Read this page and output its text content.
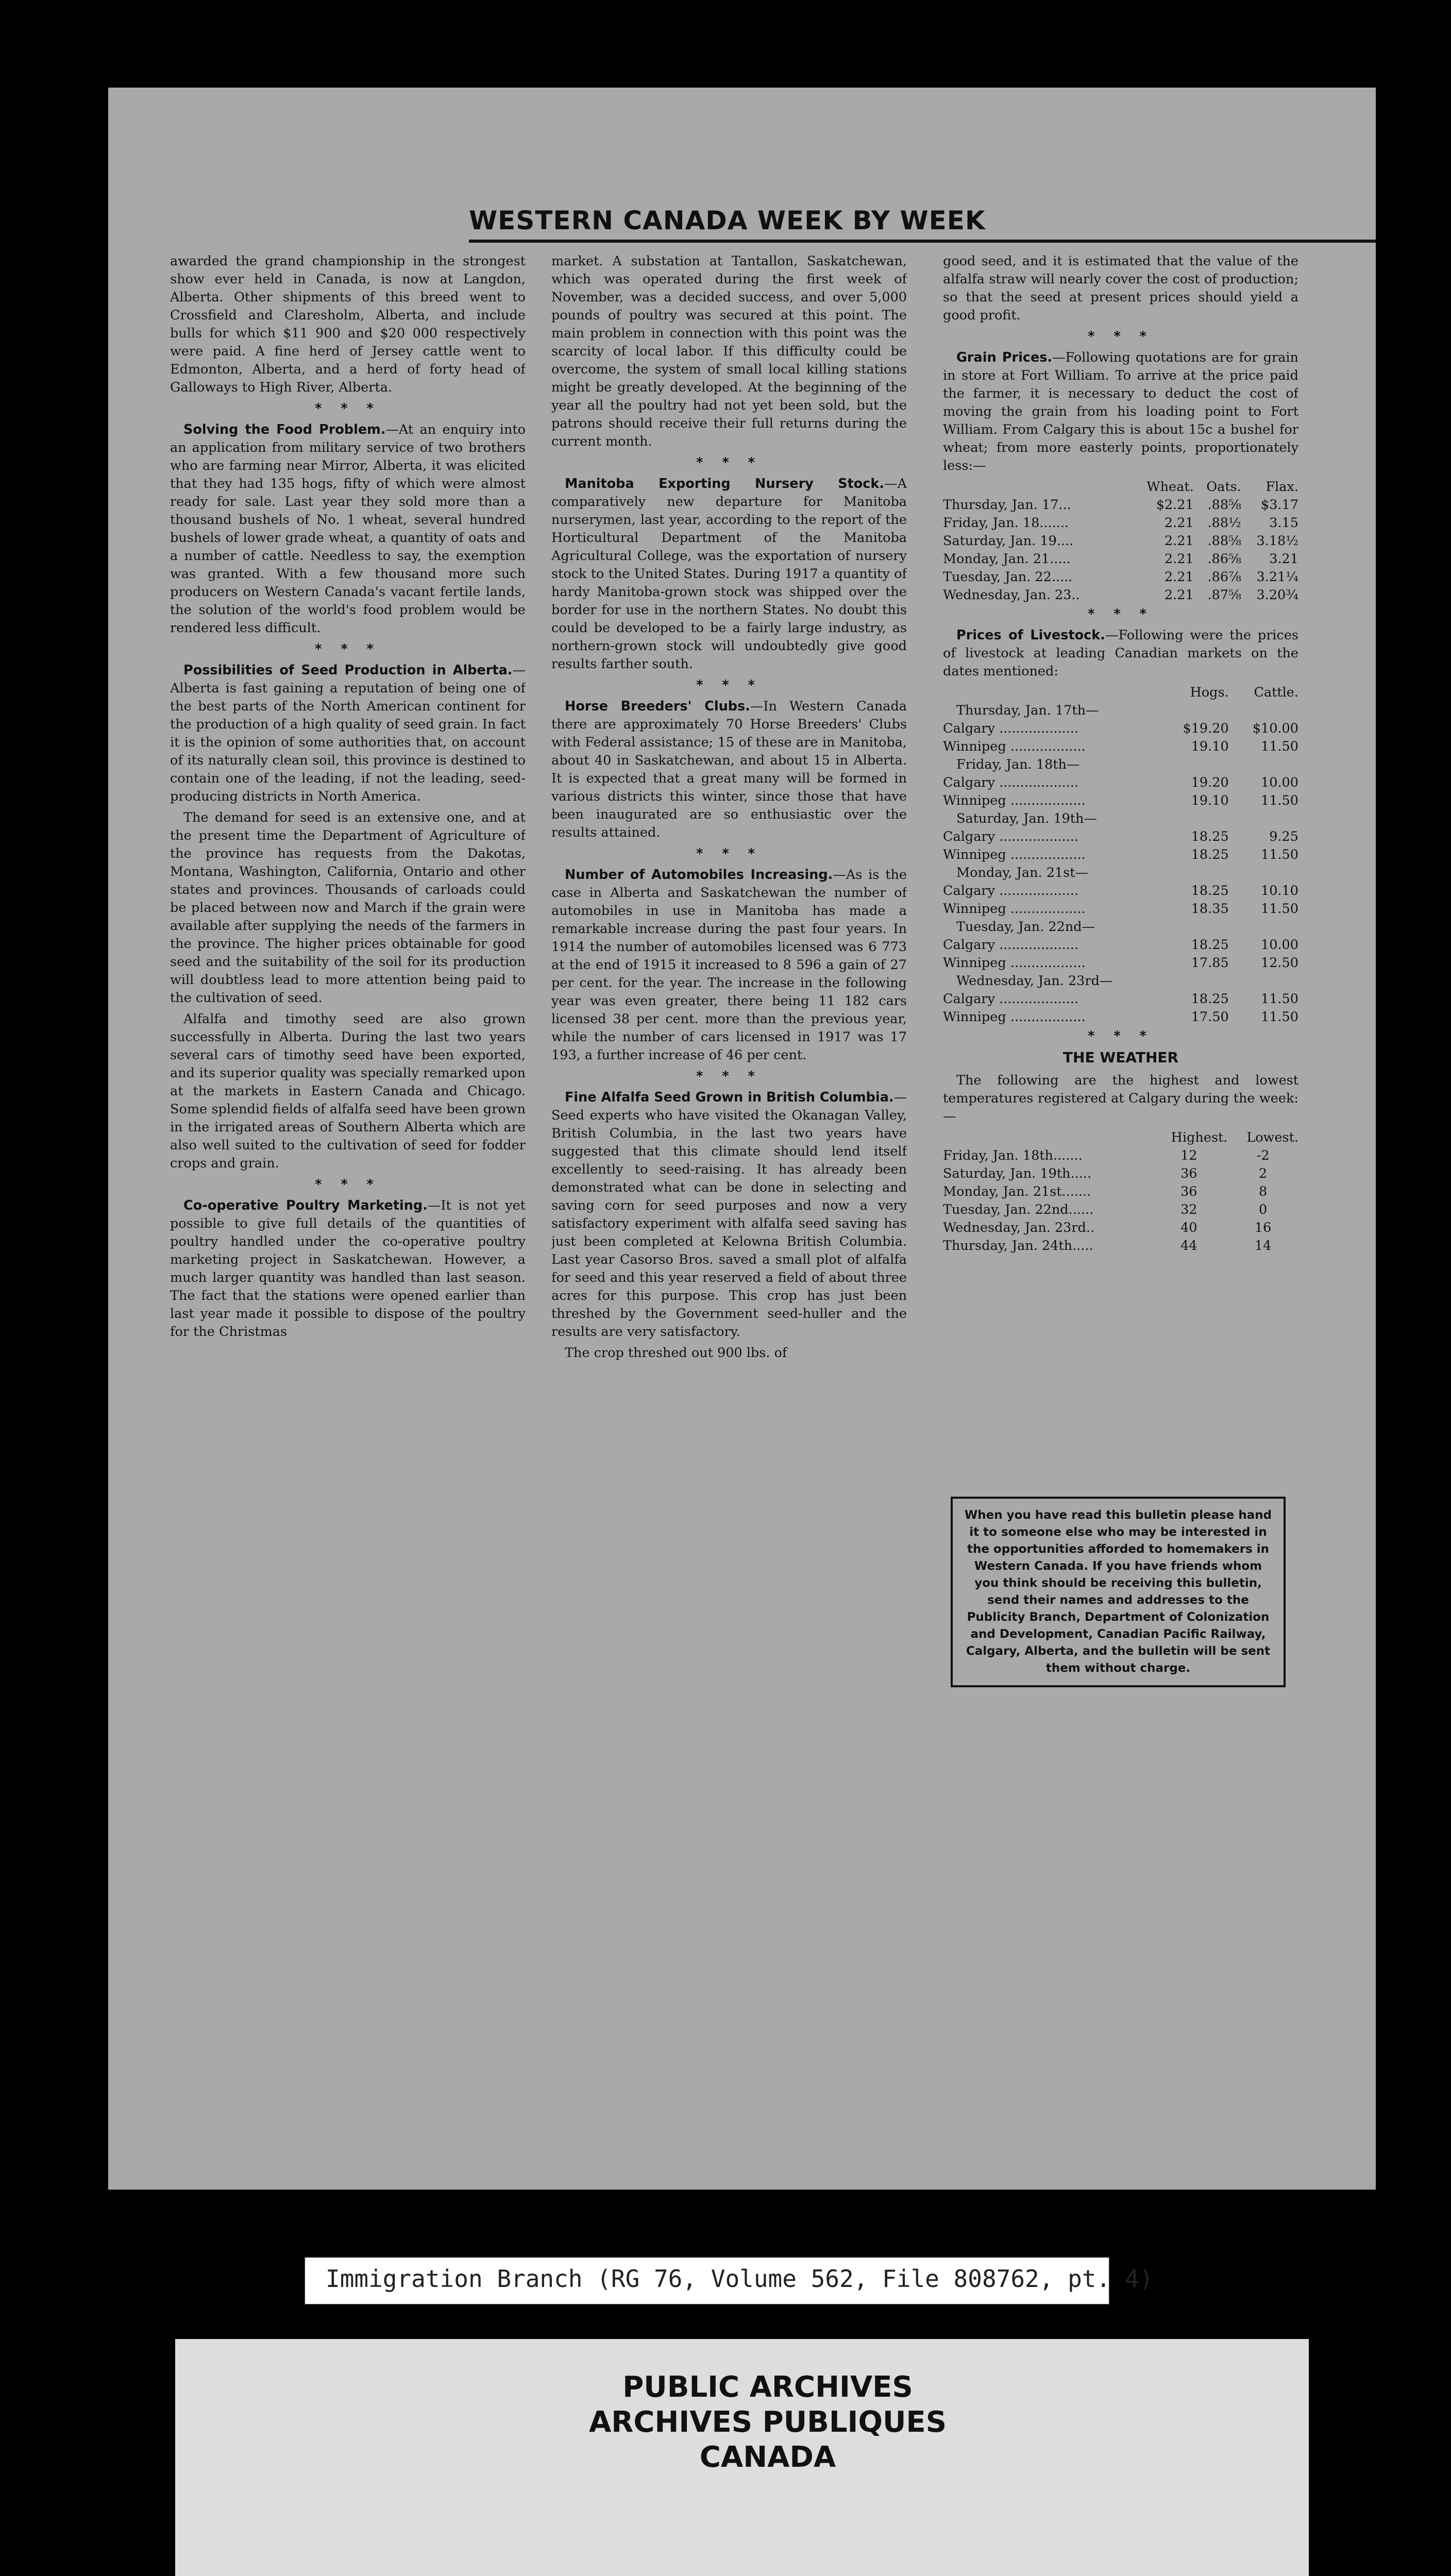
WESTERN CANADA WEEK BY WEEK

awarded the grand championship in the strongest show ever held in Canada, is now at Langdon, Alberta. Other shipments of this breed went to Crossfield and Claresholm, Alberta, and include bulls for which $11 900 and $20 000 respectively were paid. A fine herd of Jersey cattle went to Edmonton, Alberta, and a herd of forty head of Galloways to High River, Alberta.

* * *

Solving the Food Problem.—At an enquiry into an application from military service of two brothers who are farming near Mirror, Alberta, it was elicited that they had 135 hogs, fifty of which were almost ready for sale. Last year they sold more than a thousand bushels of No. 1 wheat, several hundred bushels of lower grade wheat, a quantity of oats and a number of cattle. Needless to say, the exemption was granted. With a few thousand more such producers on Western Canada's vacant fertile lands, the solution of the world's food problem would be rendered less difficult.

* * *

Possibilities of Seed Production in Alberta.—Alberta is fast gaining a reputation of being one of the best parts of the North American continent for the production of a high quality of seed grain. In fact it is the opinion of some authorities that, on account of its naturally clean soil, this province is destined to contain one of the leading, if not the leading, seed-producing districts in North America.

The demand for seed is an extensive one, and at the present time the Department of Agriculture of the province has requests from the Dakotas, Montana, Washington, California, Ontario and other states and provinces. Thousands of carloads could be placed between now and March if the grain were available after supplying the needs of the farmers in the province. The higher prices obtainable for good seed and the suitability of the soil for its production will doubtless lead to more attention being paid to the cultivation of seed.

Alfalfa and timothy seed are also grown successfully in Alberta. During the last two years several cars of timothy seed have been exported, and its superior quality was specially remarked upon at the markets in Eastern Canada and Chicago. Some splendid fields of alfalfa seed have been grown in the irrigated areas of Southern Alberta which are also well suited to the cultivation of seed for fodder crops and grain.

* * *

Co-operative Poultry Marketing.—It is not yet possible to give full details of the quantities of poultry handled under the co-operative poultry marketing project in Saskatchewan. However, a much larger quantity was handled than last season. The fact that the stations were opened earlier than last year made it possible to dispose of the poultry for the Christmas

market. A substation at Tantallon, Saskatchewan, which was operated during the first week of November, was a decided success, and over 5,000 pounds of poultry was secured at this point. The main problem in connection with this point was the scarcity of local labor. If this difficulty could be overcome, the system of small local killing stations might be greatly developed. At the beginning of the year all the poultry had not yet been sold, but the patrons should receive their full returns during the current month.

* * *

Manitoba Exporting Nursery Stock.—A comparatively new departure for Manitoba nurserymen, last year, according to the report of the Horticultural Department of the Manitoba Agricultural College, was the exportation of nursery stock to the United States. During 1917 a quantity of hardy Manitoba-grown stock was shipped over the border for use in the northern States. No doubt this could be developed to be a fairly large industry, as northern-grown stock will undoubtedly give good results farther south.

* * *

Horse Breeders' Clubs.—In Western Canada there are approximately 70 Horse Breeders' Clubs with Federal assistance; 15 of these are in Manitoba, about 40 in Saskatchewan, and about 15 in Alberta. It is expected that a great many will be formed in various districts this winter, since those that have been inaugurated are so enthusiastic over the results attained.

* * *

Number of Automobiles Increasing.—As is the case in Alberta and Saskatchewan the number of automobiles in use in Manitoba has made a remarkable increase during the past four years. In 1914 the number of automobiles licensed was 6 773 at the end of 1915 it increased to 8 596 a gain of 27 per cent. for the year. The increase in the following year was even greater, there being 11 182 cars licensed 38 per cent. more than the previous year, while the number of cars licensed in 1917 was 17 193, a further increase of 46 per cent.

* * *

Fine Alfalfa Seed Grown in British Columbia.—Seed experts who have visited the Okanagan Valley, British Columbia, in the last two years have suggested that this climate should lend itself excellently to seed-raising. It has already been demonstrated what can be done in selecting and saving corn for seed purposes and now a very satisfactory experiment with alfalfa seed saving has just been completed at Kelowna British Columbia. Last year Casorso Bros. saved a small plot of alfalfa for seed and this year reserved a field of about three acres for this purpose. This crop has just been threshed by the Government seed-huller and the results are very satisfactory.

The crop threshed out 900 lbs. of

good seed, and it is estimated that the value of the alfalfa straw will nearly cover the cost of production; so that the seed at present prices should yield a good profit.

* * *

Grain Prices.—Following quotations are for grain in store at Fort William. To arrive at the price paid the farmer, it is necessary to deduct the cost of moving the grain from his loading point to Fort William. From Calgary this is about 15c a bushel for wheat; from more easterly points, proportionately less:—

	Wheat.	Oats.	Flax.
Thursday, Jan. 17...	$2.21	.88⅝	$3.17
Friday, Jan. 18.......	2.21	.88½	3.15
Saturday, Jan. 19....	2.21	.88⅝	3.18½
Monday, Jan. 21.....	2.21	.86⅝	3.21
Tuesday, Jan. 22.....	2.21	.86⅞	3.21¼
Wednesday, Jan. 23..	2.21	.87⅝	3.20¾
* * *

Prices of Livestock.—Following were the prices of livestock at leading Canadian markets on the dates mentioned:

	Hogs.	Cattle.
Thursday, Jan. 17th—		
Calgary ...................	$19.20	$10.00
Winnipeg ..................	19.10	11.50
Friday, Jan. 18th—		
Calgary ...................	19.20	10.00
Winnipeg ..................	19.10	11.50
Saturday, Jan. 19th—		
Calgary ...................	18.25	9.25
Winnipeg ..................	18.25	11.50
Monday, Jan. 21st—		
Calgary ...................	18.25	10.10
Winnipeg ..................	18.35	11.50
Tuesday, Jan. 22nd—		
Calgary ...................	18.25	10.00
Winnipeg ..................	17.85	12.50
Wednesday, Jan. 23rd—		
Calgary ...................	18.25	11.50
Winnipeg ..................	17.50	11.50
* * *
THE WEATHER

The following are the highest and lowest temperatures registered at Calgary during the week:—

	Highest.	Lowest.
Friday, Jan. 18th.......	12	-2
Saturday, Jan. 19th.....	36	2
Monday, Jan. 21st.......	36	8
Tuesday, Jan. 22nd......	32	0
Wednesday, Jan. 23rd..	40	16
Thursday, Jan. 24th.....	44	14
When you have read this bulletin please hand it to someone else who may be interested in the opportunities afforded to homemakers in Western Canada. If you have friends whom you think should be receiving this bulletin, send their names and addresses to the Publicity Branch, Department of Colonization and Development, Canadian Pacific Railway, Calgary, Alberta, and the bulletin will be sent them without charge.
Immigration Branch (RG 76, Volume 562, File 808762, pt. 4)
PUBLIC ARCHIVES
ARCHIVES PUBLIQUES
CANADA
